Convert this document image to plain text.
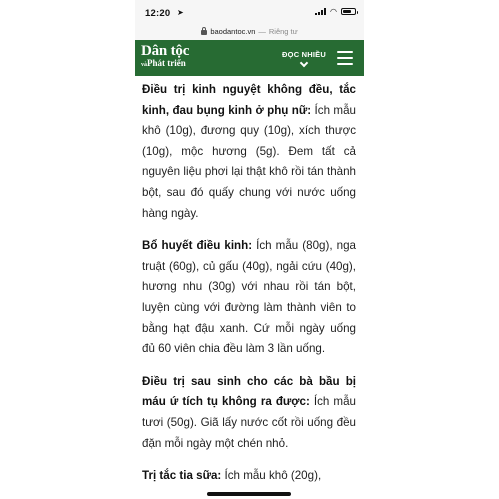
12:20 ➤	◠
baodantoc.vn — Riêng tư
Dân tộc
vàPhát triển
ĐỌC NHIỀU

Điều trị kinh nguyệt không đều, tắc kinh, đau bụng kinh ở phụ nữ: Ích mẫu khô (10g), đương quy (10g), xích thược (10g), mộc hương (5g). Đem tất cả nguyên liệu phơi lại thật khô rồi tán thành bột, sau đó quấy chung với nước uống hàng ngày.

Bổ huyết điều kinh: Ích mẫu (80g), nga truật (60g), củ gấu (40g), ngải cứu (40g), hương nhu (30g) với nhau rồi tán bột, luyện cùng với đường làm thành viên to bằng hạt đậu xanh. Cứ mỗi ngày uống đủ 60 viên chia đều làm 3 lần uống.

Điều trị sau sinh cho các bà bầu bị máu ứ tích tụ không ra được: Ích mẫu tươi (50g). Giã lấy nước cốt rồi uống đều đặn mỗi ngày một chén nhỏ.

Trị tắc tia sữa: Ích mẫu khô (20g),
